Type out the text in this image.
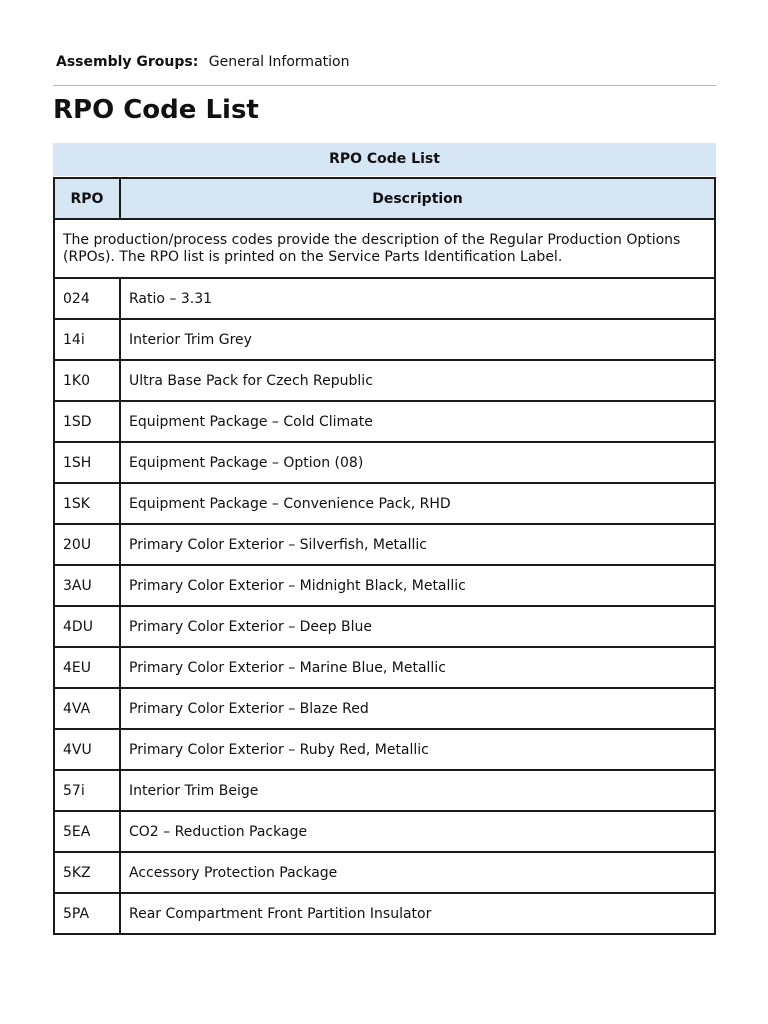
Assembly Groups: General Information
RPO Code List
RPO Code List
RPO	Description
The production/process codes provide the description of the Regular Production Options (RPOs). The RPO list is printed on the Service Parts Identification Label.	
024	Ratio – 3.31
14i	Interior Trim Grey
1K0	Ultra Base Pack for Czech Republic
1SD	Equipment Package – Cold Climate
1SH	Equipment Package – Option (08)
1SK	Equipment Package – Convenience Pack, RHD
20U	Primary Color Exterior – Silverfish, Metallic
3AU	Primary Color Exterior – Midnight Black, Metallic
4DU	Primary Color Exterior – Deep Blue
4EU	Primary Color Exterior – Marine Blue, Metallic
4VA	Primary Color Exterior – Blaze Red
4VU	Primary Color Exterior – Ruby Red, Metallic
57i	Interior Trim Beige
5EA	CO2 – Reduction Package
5KZ	Accessory Protection Package
5PA	Rear Compartment Front Partition Insulator
